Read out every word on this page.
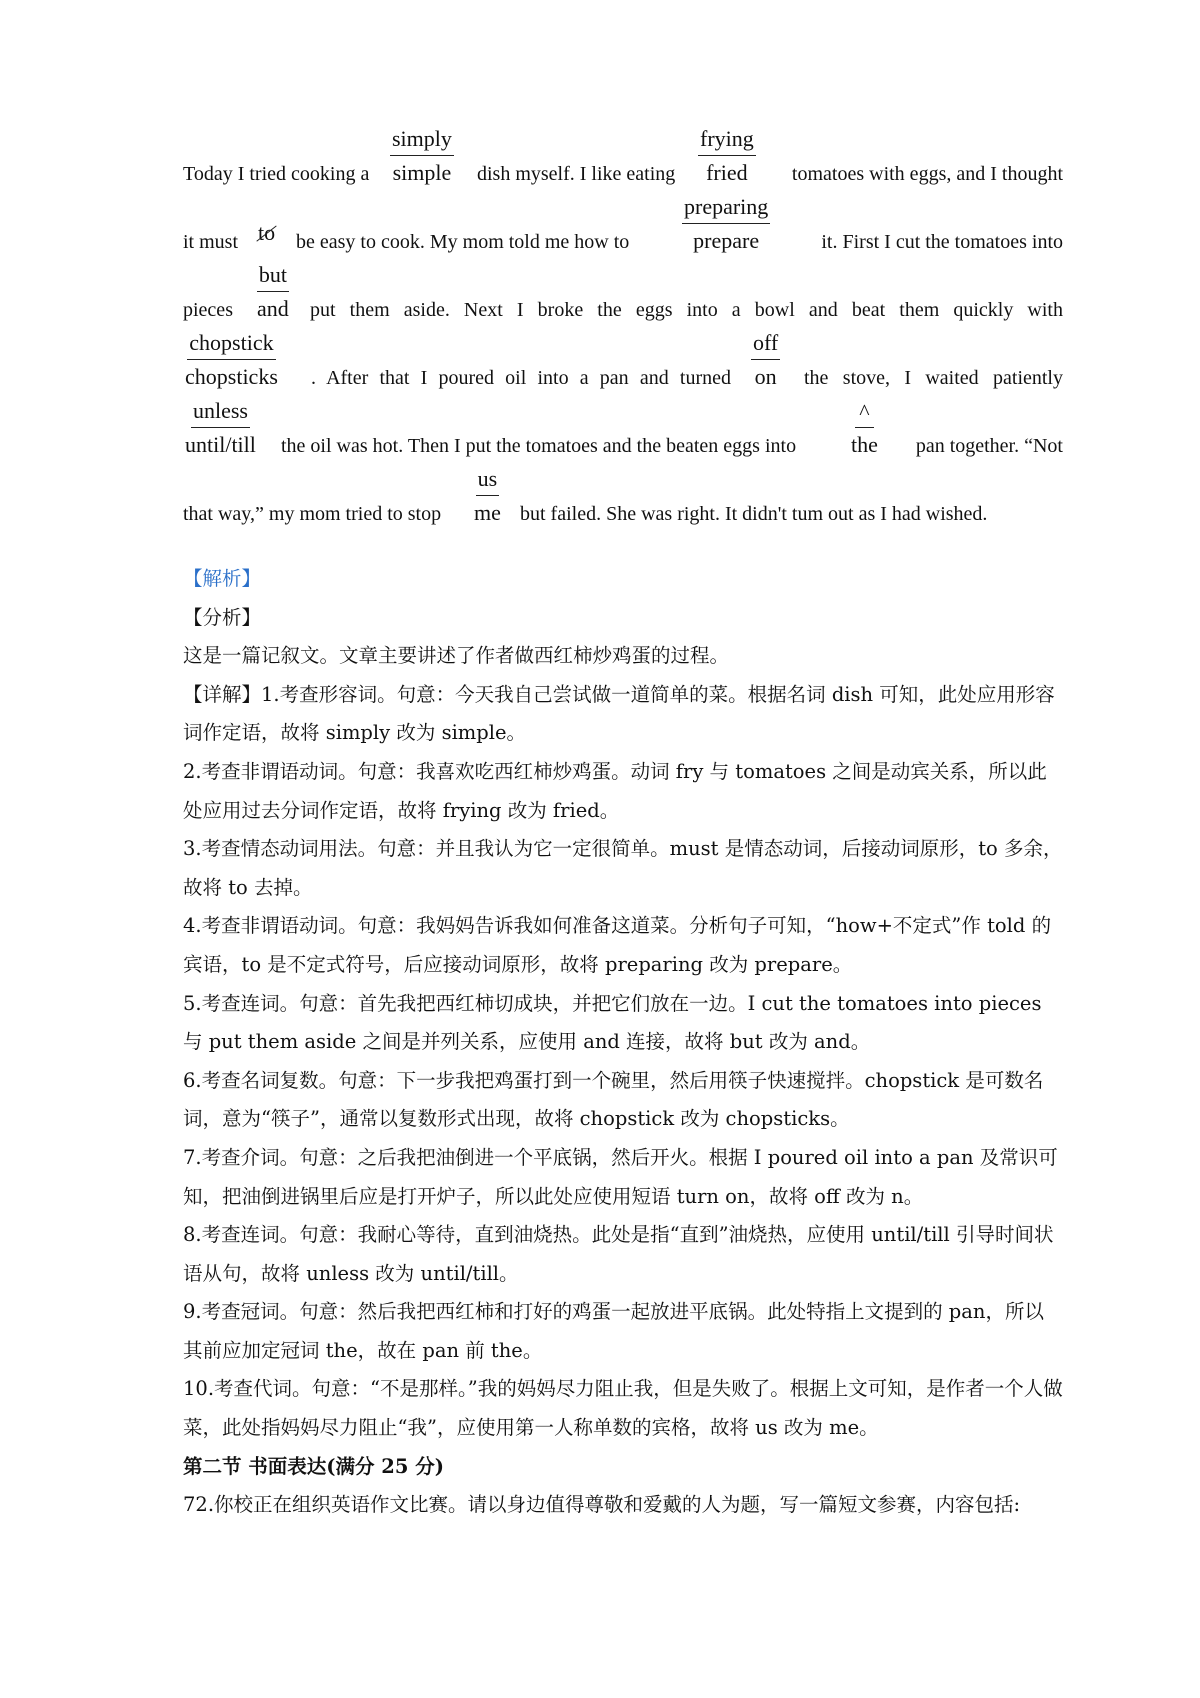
Today I tried cooking a
simply
simple dish myself. I like eating
frying
fried tomatoes with eggs, and I thought
it must to be easy to cook. My mom told me how to
preparing
prepare	it. First I cut the tomatoes into
pieces
but
and put them aside. Next I broke the eggs into a bowl and beat them quickly with
chopstick
chopsticks . After that I poured oil into a pan and turned
off
on the stove, I waited patiently
unless
until/till the oil was hot. Then I put the tomatoes and the beaten eggs into
^
the pan together. “Not
that way,” my mom tried to stop
us
me but failed. She was right. It didn't tum out as I had wished.

【解析】

【分析】

这是一篇记叙文。文章主要讲述了作者做西红柿炒鸡蛋的过程。

【详解】1.考查形容词。句意：今天我自己尝试做一道简单的菜。根据名词 dish 可知，此处应用形容词作定语，故将 simply 改为 simple。

2.考查非谓语动词。句意：我喜欢吃西红柿炒鸡蛋。动词 fry 与 tomatoes 之间是动宾关系，所以此处应用过去分词作定语，故将 frying 改为 fried。

3.考查情态动词用法。句意：并且我认为它一定很简单。must 是情态动词，后接动词原形，to 多余，故将 to 去掉。

4.考查非谓语动词。句意：我妈妈告诉我如何准备这道菜。分析句子可知，“how+不定式”作 told 的宾语，to 是不定式符号，后应接动词原形，故将 preparing 改为 prepare。

5.考查连词。句意：首先我把西红柿切成块，并把它们放在一边。I cut the tomatoes into pieces 与 put them aside 之间是并列关系，应使用 and 连接，故将 but 改为 and。

6.考查名词复数。句意：下一步我把鸡蛋打到一个碗里，然后用筷子快速搅拌。chopstick 是可数名词，意为“筷子”，通常以复数形式出现，故将 chopstick 改为 chopsticks。

7.考查介词。句意：之后我把油倒进一个平底锅，然后开火。根据 I poured oil into a pan 及常识可知，把油倒进锅里后应是打开炉子，所以此处应使用短语 turn on，故将 off 改为 n。

8.考查连词。句意：我耐心等待，直到油烧热。此处是指“直到”油烧热，应使用 until/till 引导时间状语从句，故将 unless 改为 until/till。

9.考查冠词。句意：然后我把西红柿和打好的鸡蛋一起放进平底锅。此处特指上文提到的 pan，所以其前应加定冠词 the，故在 pan 前 the。

10.考查代词。句意：“不是那样。”我的妈妈尽力阻止我，但是失败了。根据上文可知，是作者一个人做菜，此处指妈妈尽力阻止“我”，应使用第一人称单数的宾格，故将 us 改为 me。

第二节 书面表达(满分 25 分)

72.你校正在组织英语作文比赛。请以身边值得尊敬和爱戴的人为题，写一篇短文参赛，内容包括:
